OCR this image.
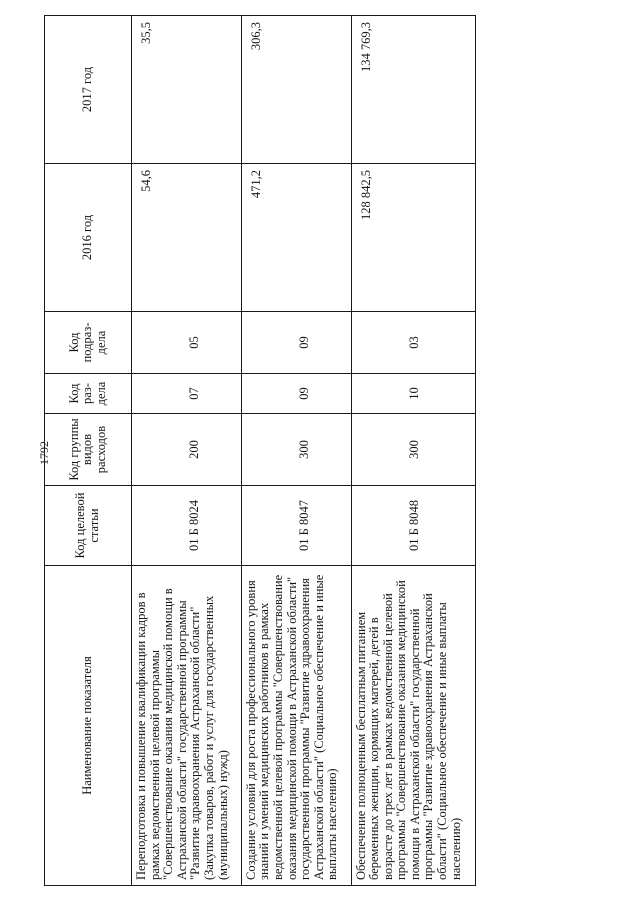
1792
Наименование показателя	Код целевой статьи	Код группы видов расходов	Код раз-дела	Код подраз-дела	2016 год	2017 год
Переподготовка и повышение квалификации кадров в рамках ведомственной целевой программы "Совершенствование оказания медицинской помощи в Астраханской области" государственной программы "Развитие здравоохранения Астраханской области" (Закупка товаров, работ и услуг для государственных (муниципальных) нужд)	01 Б 8024	200	07	05	54,6	35,5
Создание условий для роста профессионального уровня знаний и умений медицинских работников в рамках ведомственной целевой программы "Совершенствование оказания медицинской помощи в Астраханской области" государственной программы "Развитие здравоохранения Астраханской области" (Социальное обеспечение и иные выплаты населению)	01 Б 8047	300	09	09	471,2	306,3
Обеспечение полноценным бесплатным питанием беременных женщин, кормящих матерей, детей в возрасте до трех лет в рамках ведомственной целевой программы "Совершенствование оказания медицинской помощи в Астраханской области" государственной программы "Развитие здравоохранения Астраханской области" (Социальное обеспечение и иные выплаты населению)	01 Б 8048	300	10	03	128 842,5	134 769,3
